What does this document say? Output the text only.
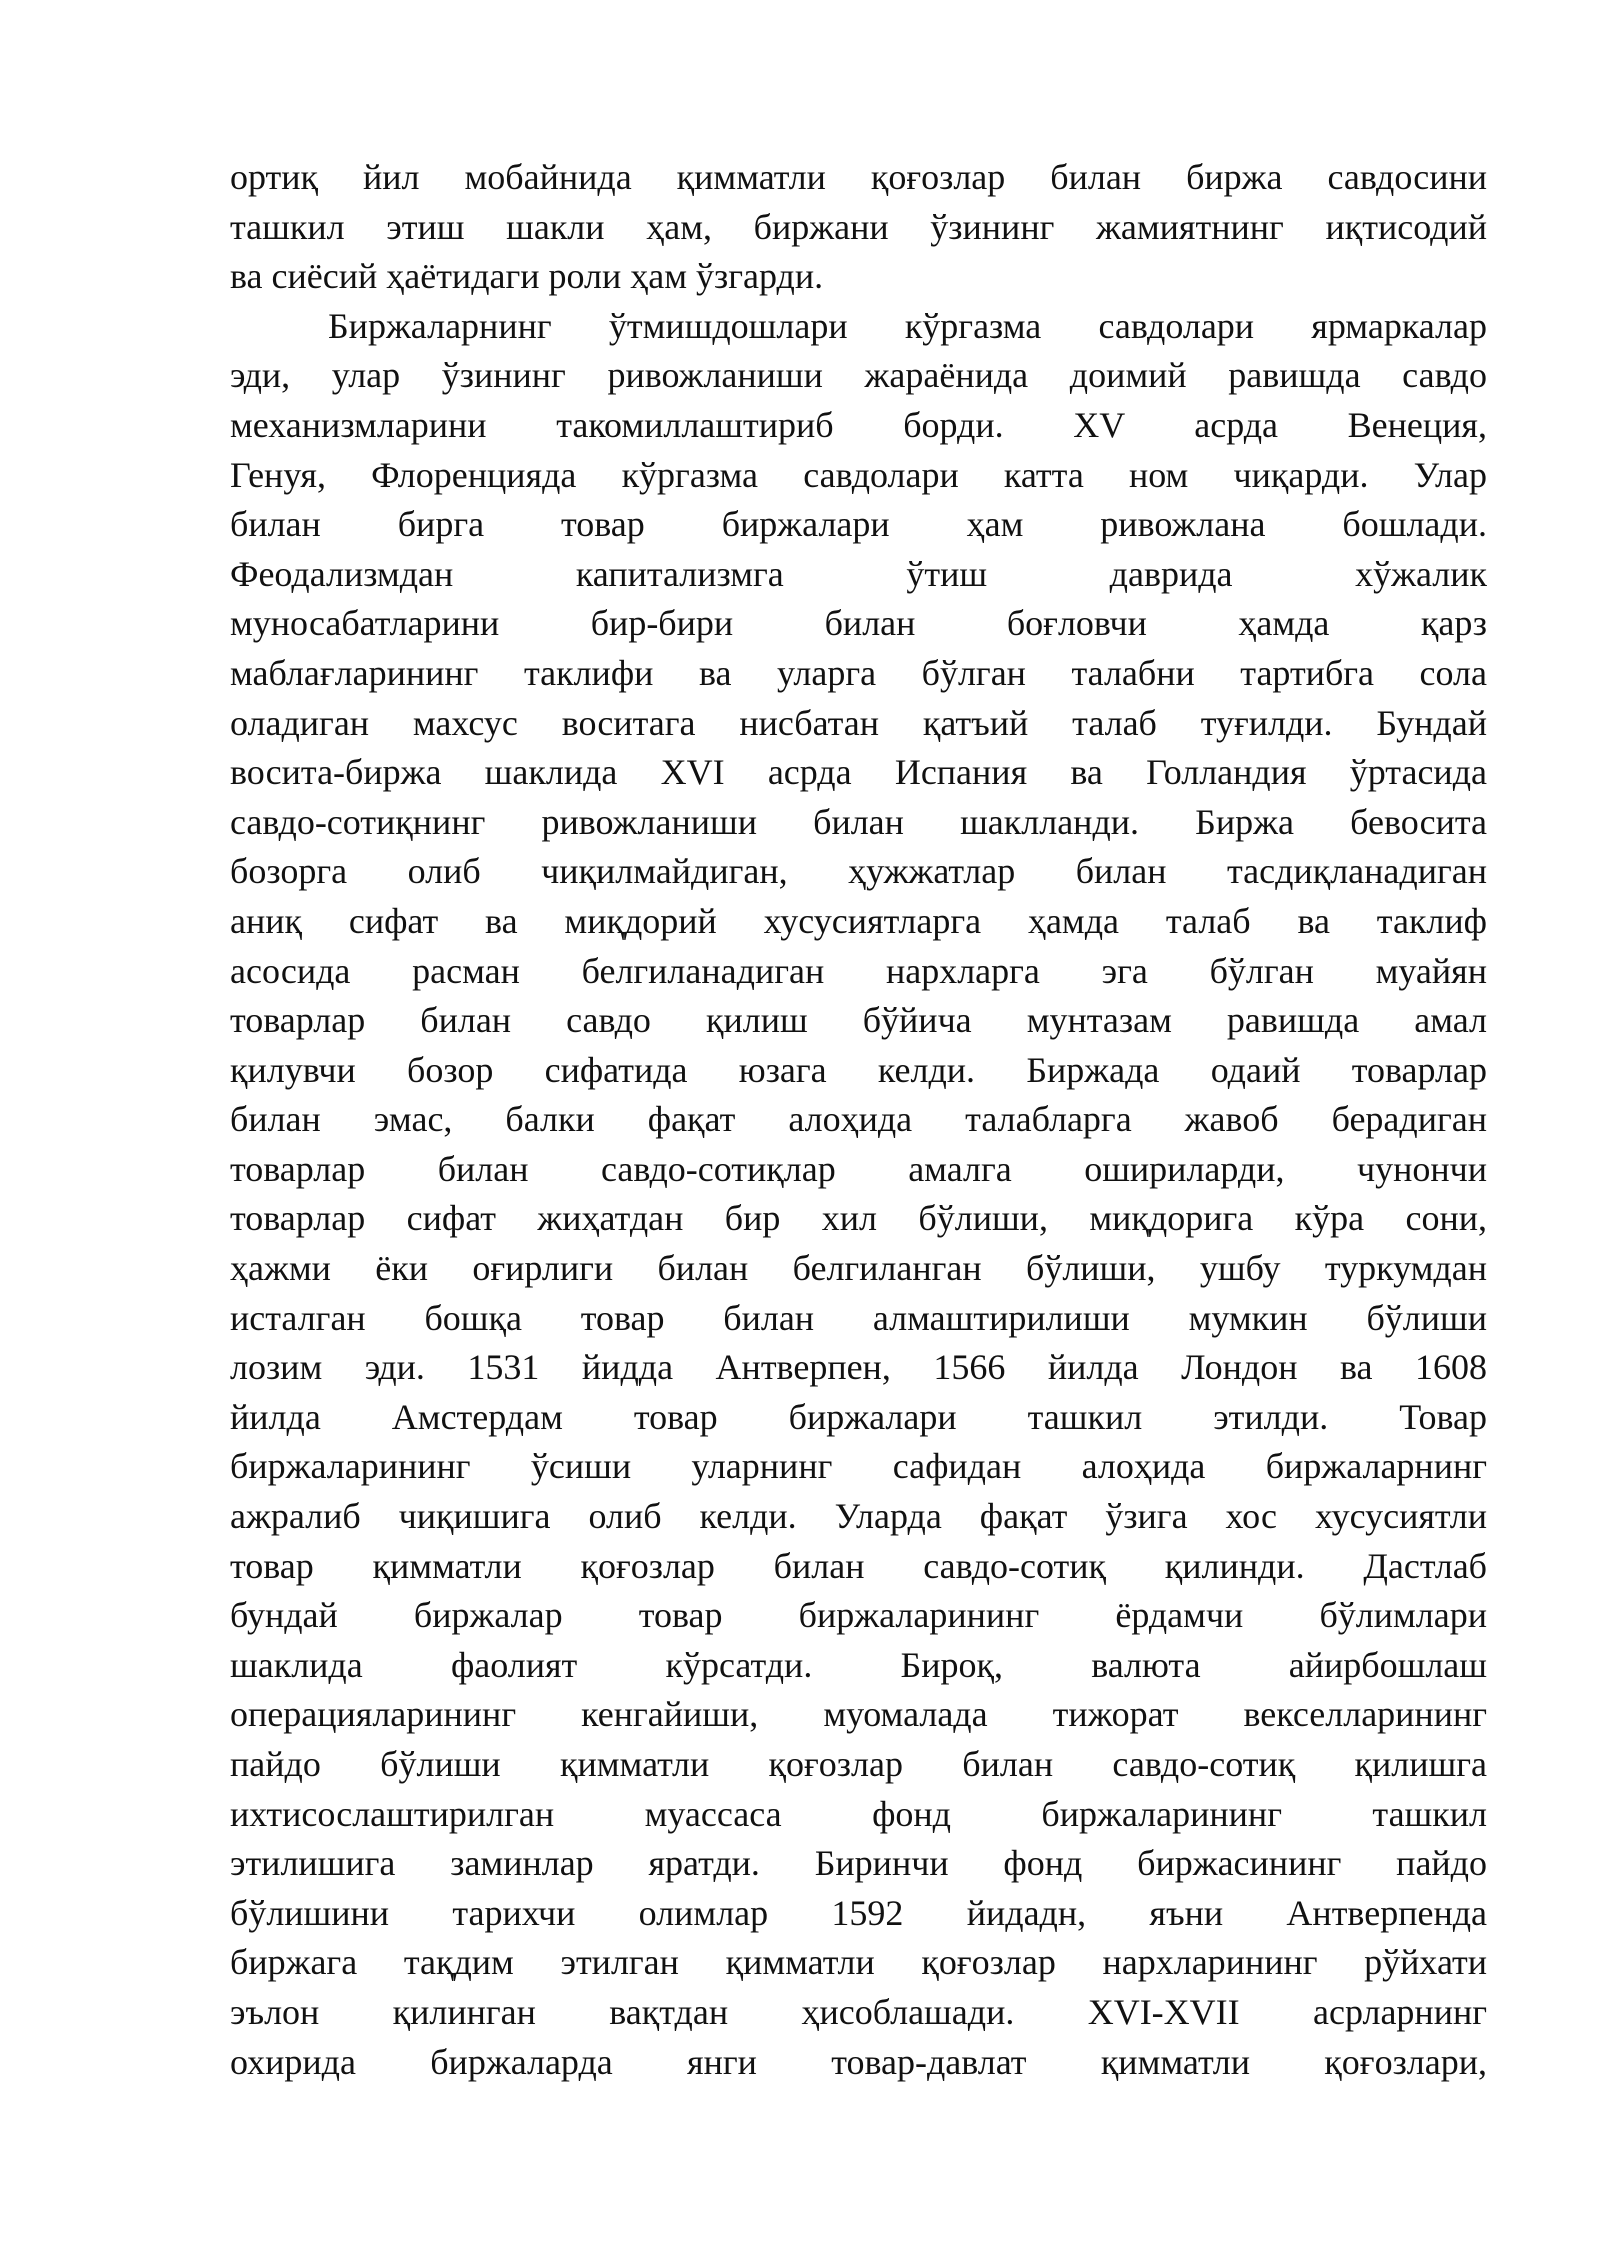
ортиқ йил мобайнида қимматли қоғозлар билан биржа савдосини
ташкил этиш шакли ҳам, биржани ўзининг жамиятнинг иқтисодий
ва сиёсий ҳаётидаги роли ҳам ўзгарди.
Биржаларнинг ўтмишдошлари кўргазма савдолари ярмаркалар
эди, улар ўзининг ривожланиши жараёнида доимий равишда савдо
механизмларини такомиллаштириб борди. XV асрда Венеция,
Генуя, Флоренцияда кўргазма савдолари катта ном чиқарди. Улар
билан бирга товар биржалари ҳам ривожлана бошлади.
Феодализмдан капитализмга ўтиш даврида хўжалик
муносабатларини бир-бири билан боғловчи ҳамда қарз
маблағларининг таклифи ва уларга бўлган талабни тартибга сола
оладиган махсус воситага нисбатан қатъий талаб туғилди. Бундай
восита-биржа шаклида XVI асрда Испания ва Голландия ўртасида
савдо-сотиқнинг ривожланиши билан шаклланди. Биржа бевосита
бозорга олиб чиқилмайдиган, ҳужжатлар билан тасдиқланадиган
аниқ сифат ва миқдорий хусусиятларга ҳамда талаб ва таклиф
асосида расман белгиланадиган нархларга эга бўлган муайян
товарлар билан савдо қилиш бўйича мунтазам равишда амал
қилувчи бозор сифатида юзага келди. Биржада одаий товарлар
билан эмас, балки фақат алоҳида талабларга жавоб берадиган
товарлар билан савдо-сотиқлар амалга ошириларди, чунончи
товарлар сифат жиҳатдан бир хил бўлиши, миқдорига кўра сони,
ҳажми ёки оғирлиги билан белгиланган бўлиши, ушбу туркумдан
исталган бошқа товар билан алмаштирилиши мумкин бўлиши
лозим эди. 1531 йидда Антверпен, 1566 йилда Лондон ва 1608
йилда Амстердам товар биржалари ташкил этилди. Товар
биржаларининг ўсиши уларнинг сафидан алоҳида биржаларнинг
ажралиб чиқишига олиб келди. Уларда фақат ўзига хос хусусиятли
товар қимматли қоғозлар билан савдо-сотиқ қилинди. Дастлаб
бундай биржалар товар биржаларининг ёрдамчи бўлимлари
шаклида фаолият кўрсатди. Бироқ, валюта айирбошлаш
операцияларининг кенгайиши, муомалада тижорат векселларининг
пайдо бўлиши қимматли қоғозлар билан савдо-сотиқ қилишга
ихтисослаштирилган муассаса фонд биржаларининг ташкил
этилишига заминлар яратди. Биринчи фонд биржасининг пайдо
бўлишини тарихчи олимлар 1592 йидадн, яъни Антверпенда
биржага тақдим этилган қимматли қоғозлар нархларининг рўйхати
эълон қилинган вақтдан ҳисоблашади. XVI-XVII асрларнинг
охирида биржаларда янги товар-давлат қимматли қоғозлари,
